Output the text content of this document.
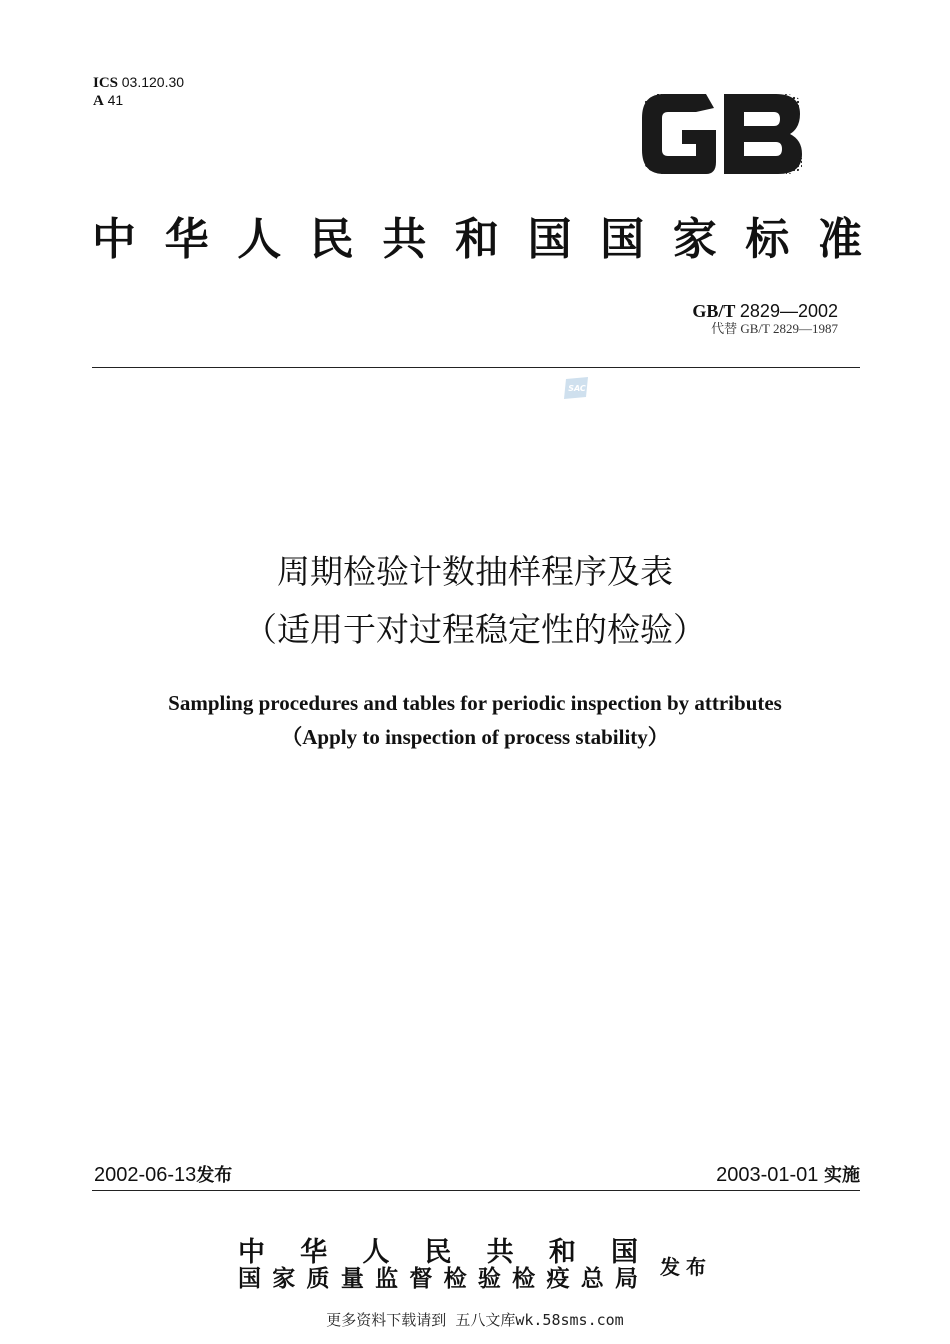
ICS 03.120.30
A 41
中华人民共和国国家标准
GB/T 2829—2002
代替 GB/T 2829—1987
SAC
周期检验计数抽样程序及表
（适用于对过程稳定性的检验）
Sampling procedures and tables for periodic inspection by attributes
（Apply to inspection of process stability）
2002-06-13发布	2003-01-01 实施
中华人民共和国
国家质量监督检验检疫总局 发布
更多资料下载请到 五八文库wk.58sms.com
